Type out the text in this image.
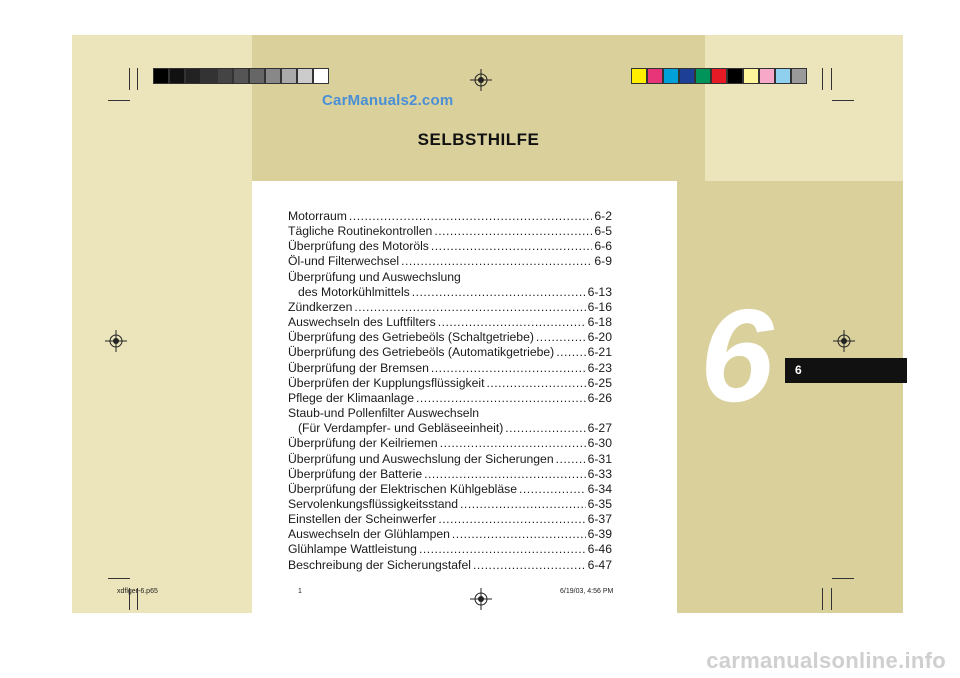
CarManuals2.com
SELBSTHILFE
Motorraum .....	6-2
Tägliche Routinekontrollen .....	6-5
Überprüfung des Motoröls .....	6-6
Öl-und Filterwechsel .....	6-9
Überprüfung und Auswechslung
des Motorkühlmittels .....	6-13
Zündkerzen .....	6-16
Auswechseln des Luftfilters .....	6-18
Überprüfung des Getriebeöls (Schaltgetriebe) .....	6-20
Überprüfung des Getriebeöls (Automatikgetriebe) .....	6-21
Überprüfung der Bremsen .....	6-23
Überprüfen der Kupplungsflüssigkeit .....	6-25
Pflege der Klimaanlage .....	6-26
Staub-und Pollenfilter Auswechseln
(Für Verdampfer- und Gebläseeinheit) .....	6-27
Überprüfung der Keilriemen .....	6-30
Überprüfung und Auswechslung der Sicherungen .....	6-31
Überprüfung der Batterie .....	6-33
Überprüfung der Elektrischen Kühlgebläse .....	6-34
Servolenkungsflüssigkeitsstand .....	6-35
Einstellen der Scheinwerfer .....	6-37
Auswechseln der Glühlampen .....	6-39
Glühlampe Wattleistung .....	6-46
Beschreibung der Sicherungstafel .....	6-47
6	6
xdflger-6.p65	1	6/19/03, 4:56 PM
carmanualsonline.info
